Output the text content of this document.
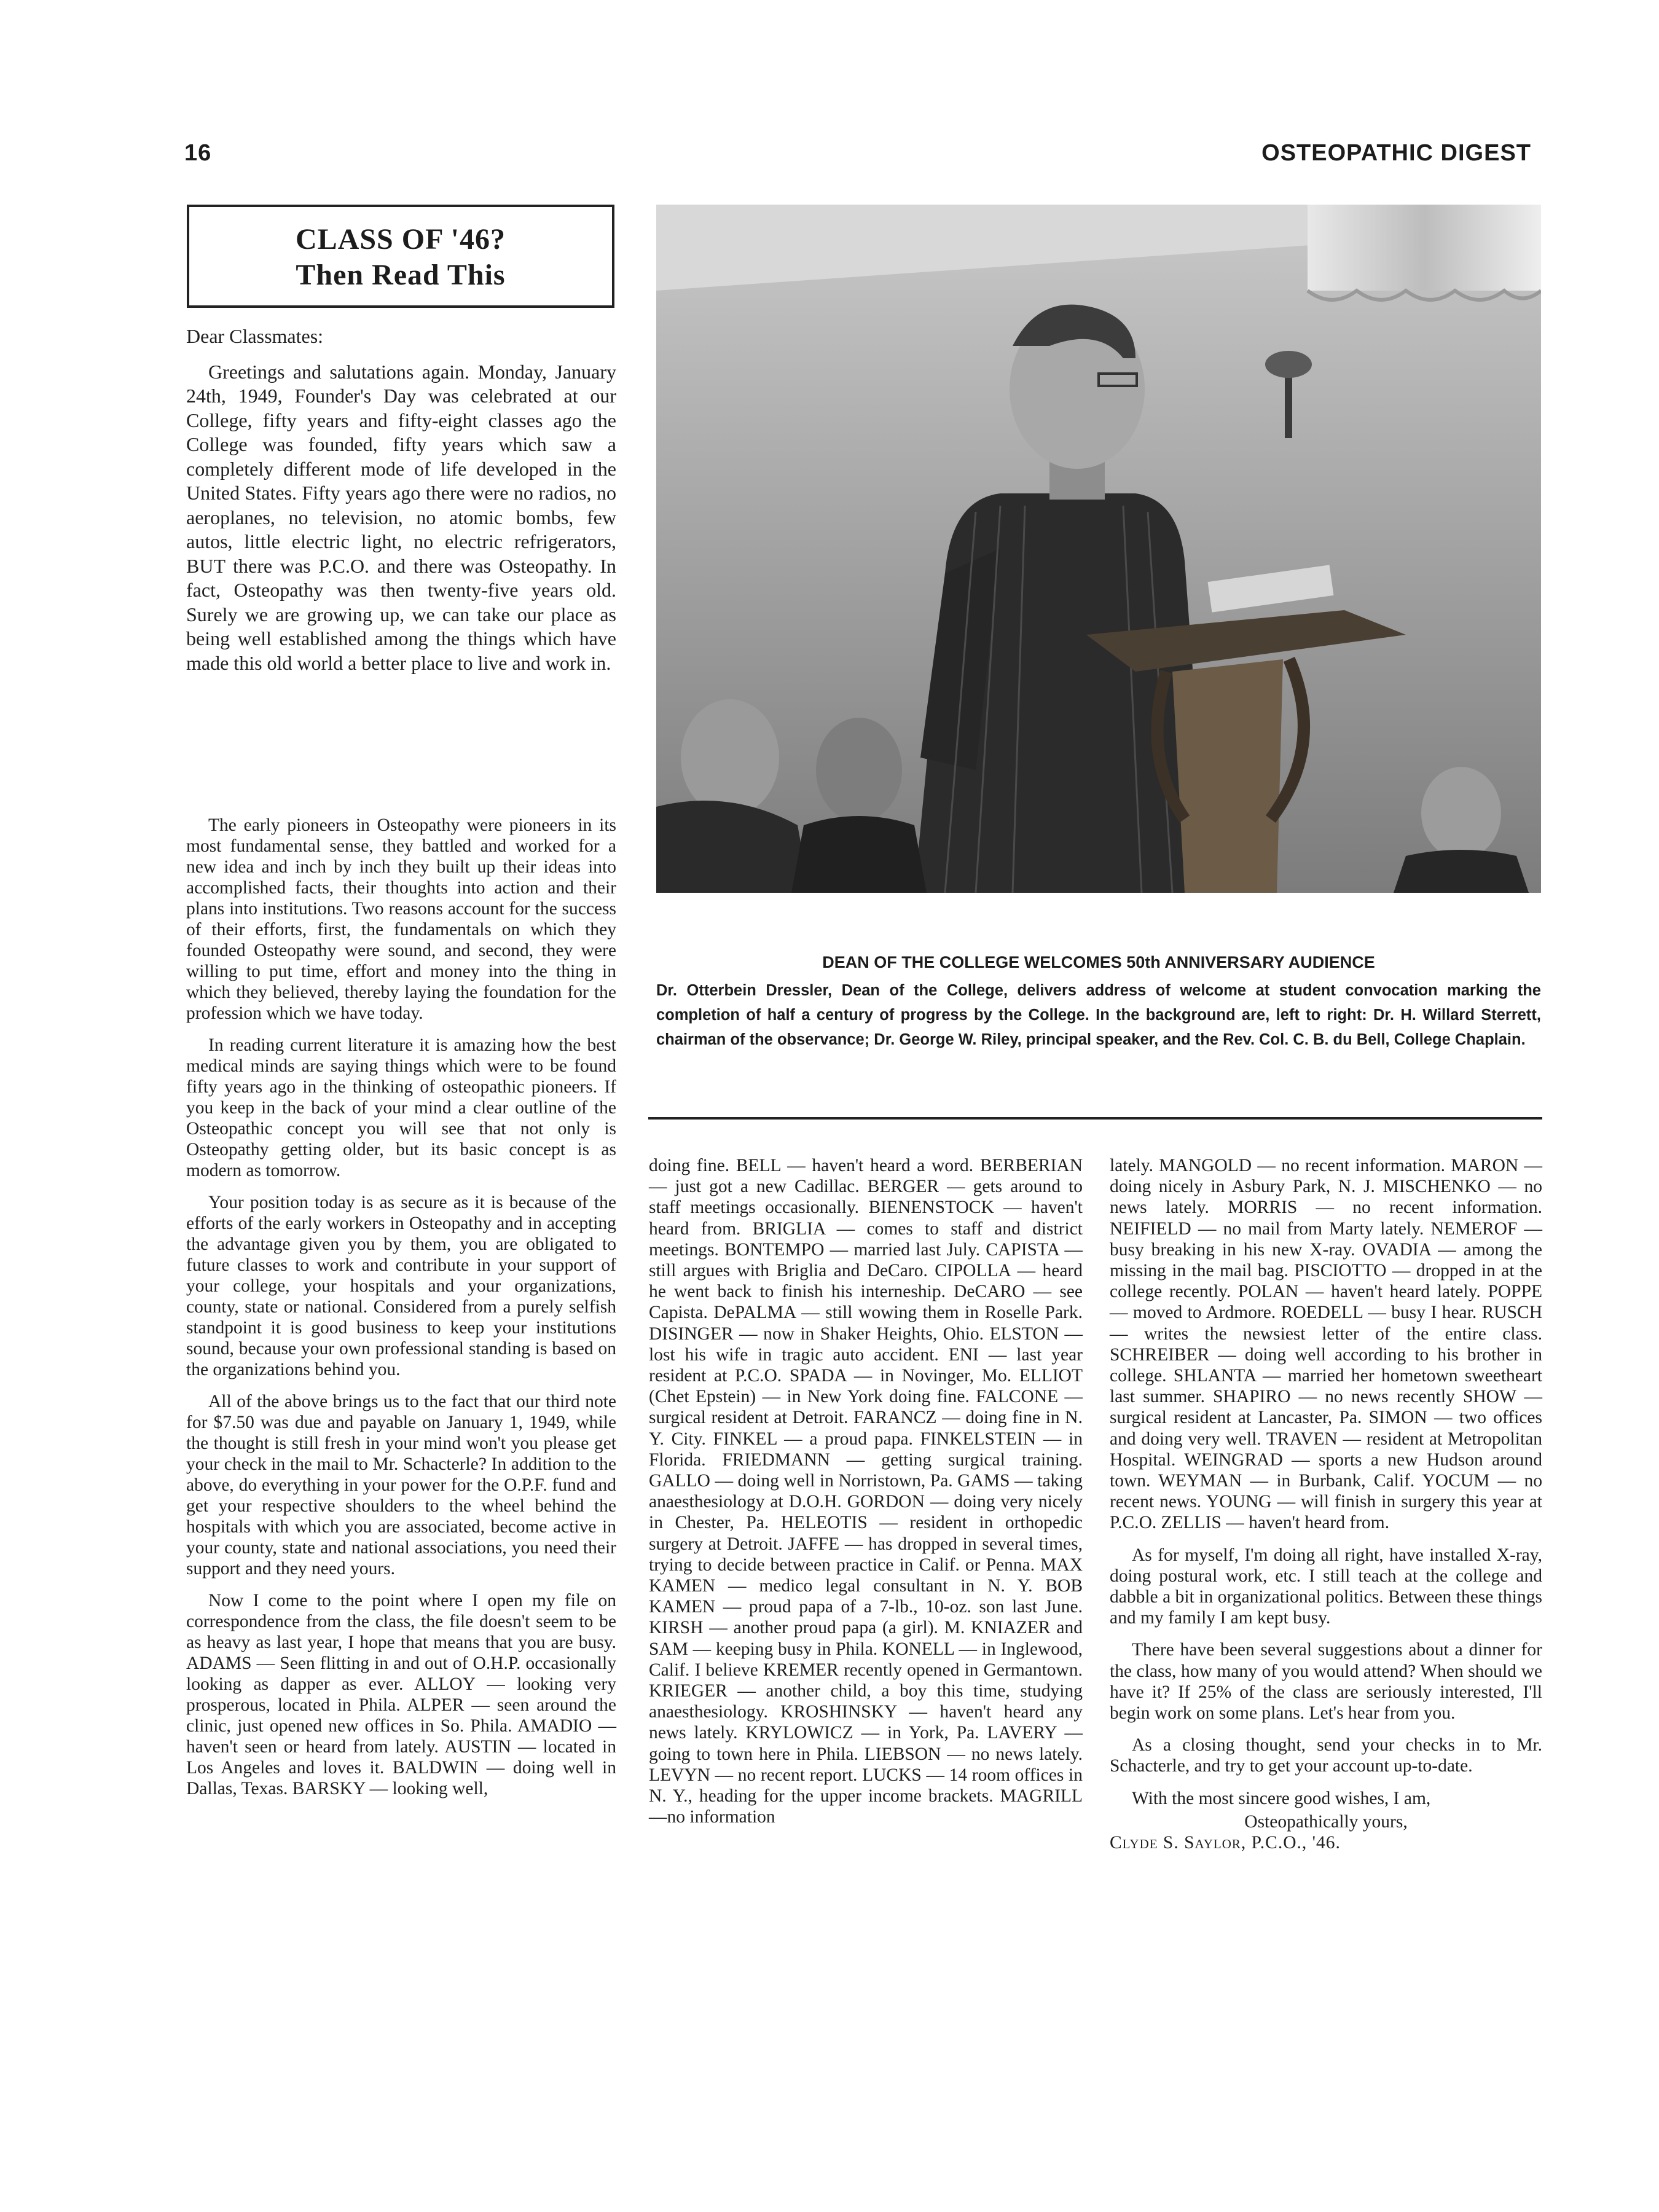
16	OSTEOPATHIC DIGEST
CLASS OF '46?
Then Read This

Dear Classmates:

Greetings and salutations again. Monday, January 24th, 1949, Founder's Day was celebrated at our College, fifty years and fifty-eight classes ago the College was founded, fifty years which saw a completely different mode of life developed in the United States. Fifty years ago there were no radios, no aeroplanes, no television, no atomic bombs, few autos, little electric light, no electric refrigerators, BUT there was P.C.O. and there was Osteopathy. In fact, Osteopathy was then twenty-five years old. Surely we are growing up, we can take our place as being well established among the things which have made this old world a better place to live and work in.

The early pioneers in Osteopathy were pioneers in its most fundamental sense, they battled and worked for a new idea and inch by inch they built up their ideas into accomplished facts, their thoughts into action and their plans into institutions. Two reasons account for the success of their efforts, first, the fundamentals on which they founded Osteopathy were sound, and second, they were willing to put time, effort and money into the thing in which they believed, thereby laying the foundation for the profession which we have today.

In reading current literature it is amazing how the best medical minds are saying things which were to be found fifty years ago in the thinking of osteopathic pioneers. If you keep in the back of your mind a clear outline of the Osteopathic concept you will see that not only is Osteopathy getting older, but its basic concept is as modern as tomorrow.

Your position today is as secure as it is because of the efforts of the early workers in Osteopathy and in accepting the advantage given you by them, you are obligated to future classes to work and contribute in your support of your college, your hospitals and your organizations, county, state or national. Considered from a purely selfish standpoint it is good business to keep your institutions sound, because your own professional standing is based on the organizations behind you.

All of the above brings us to the fact that our third note for $7.50 was due and payable on January 1, 1949, while the thought is still fresh in your mind won't you please get your check in the mail to Mr. Schacterle? In addition to the above, do everything in your power for the O.P.F. fund and get your respective shoulders to the wheel behind the hospitals with which you are associated, become active in your county, state and national associations, you need their support and they need yours.

Now I come to the point where I open my file on correspondence from the class, the file doesn't seem to be as heavy as last year, I hope that means that you are busy. ADAMS — Seen flitting in and out of O.H.P. occasionally looking as dapper as ever. ALLOY — looking very prosperous, located in Phila. ALPER — seen around the clinic, just opened new offices in So. Phila. AMADIO — haven't seen or heard from lately. AUSTIN — located in Los Angeles and loves it. BALDWIN — doing well in Dallas, Texas. BARSKY — looking well,

DEAN OF THE COLLEGE WELCOMES 50th ANNIVERSARY AUDIENCE
Dr. Otterbein Dressler, Dean of the College, delivers address of welcome at student convocation marking the completion of half a century of progress by the College. In the background are, left to right: Dr. H. Willard Sterrett, chairman of the observance; Dr. George W. Riley, principal speaker, and the Rev. Col. C. B. du Bell, College Chaplain.

doing fine. BELL — haven't heard a word. BERBERIAN — just got a new Cadillac. BERGER — gets around to staff meetings occasionally. BIENENSTOCK — haven't heard from. BRIGLIA — comes to staff and district meetings. BONTEMPO — married last July. CAPISTA — still argues with Briglia and DeCaro. CIPOLLA — heard he went back to finish his interneship. DeCARO — see Capista. DePALMA — still wowing them in Roselle Park. DISINGER — now in Shaker Heights, Ohio. ELSTON — lost his wife in tragic auto accident. ENI — last year resident at P.C.O. SPADA — in Novinger, Mo. ELLIOT (Chet Epstein) — in New York doing fine. FALCONE — surgical resident at Detroit. FARANCZ — doing fine in N. Y. City. FINKEL — a proud papa. FINKELSTEIN — in Florida. FRIEDMANN — getting surgical training. GALLO — doing well in Norristown, Pa. GAMS — taking anaesthesiology at D.O.H. GORDON — doing very nicely in Chester, Pa. HELEOTIS — resident in orthopedic surgery at Detroit. JAFFE — has dropped in several times, trying to decide between practice in Calif. or Penna. MAX KAMEN — medico legal consultant in N. Y. BOB KAMEN — proud papa of a 7-lb., 10-oz. son last June. KIRSH — another proud papa (a girl). M. KNIAZER and SAM — keeping busy in Phila. KONELL — in Inglewood, Calif. I believe KREMER recently opened in Germantown. KRIEGER — another child, a boy this time, studying anaesthesiology. KROSHINSKY — haven't heard any news lately. KRYLOWICZ — in York, Pa. LAVERY — going to town here in Phila. LIEBSON — no news lately. LEVYN — no recent report. LUCKS — 14 room offices in N. Y., heading for the upper income brackets. MAGRILL—no information

lately. MANGOLD — no recent information. MARON — doing nicely in Asbury Park, N. J. MISCHENKO — no news lately. MORRIS — no recent information. NEIFIELD — no mail from Marty lately. NEMEROF — busy breaking in his new X-ray. OVADIA — among the missing in the mail bag. PISCIOTTO — dropped in at the college recently. POLAN — haven't heard lately. POPPE — moved to Ardmore. ROEDELL — busy I hear. RUSCH — writes the newsiest letter of the entire class. SCHREIBER — doing well according to his brother in college. SHLANTA — married her hometown sweetheart last summer. SHAPIRO — no news recently SHOW — surgical resident at Lancaster, Pa. SIMON — two offices and doing very well. TRAVEN — resident at Metropolitan Hospital. WEINGRAD — sports a new Hudson around town. WEYMAN — in Burbank, Calif. YOCUM — no recent news. YOUNG — will finish in surgery this year at P.C.O. ZELLIS — haven't heard from.

As for myself, I'm doing all right, have installed X-ray, doing postural work, etc. I still teach at the college and dabble a bit in organizational politics. Between these things and my family I am kept busy.

There have been several suggestions about a dinner for the class, how many of you would attend? When should we have it? If 25% of the class are seriously interested, I'll begin work on some plans. Let's hear from you.

As a closing thought, send your checks in to Mr. Schacterle, and try to get your account up-to-date.

With the most sincere good wishes, I am,

Osteopathically yours,

Clyde S. Saylor, P.C.O., '46.
